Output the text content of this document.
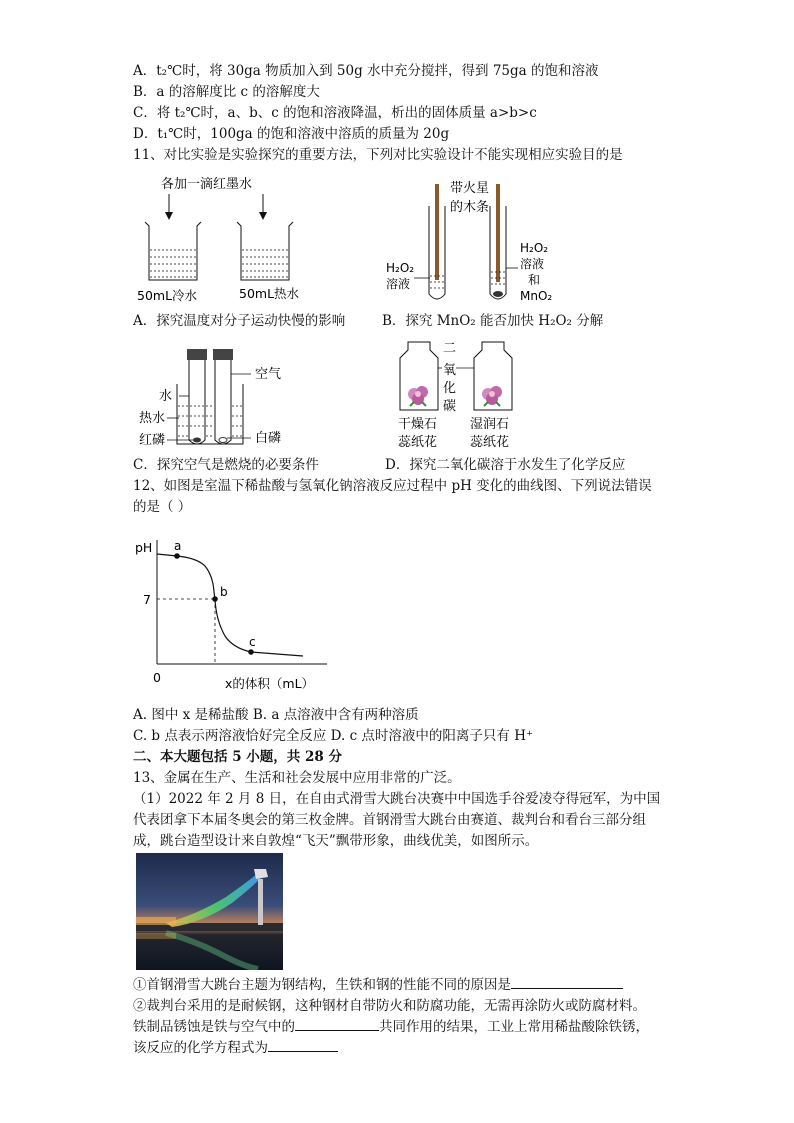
A．t₂℃时，将 30ga 物质加入到 50g 水中充分搅拌，得到 75ga 的饱和溶液
B．a 的溶解度比 c 的溶解度大
C．将 t₂℃时，a、b、c 的饱和溶液降温，析出的固体质量 a>b>c
D．t₁℃时，100ga 的饱和溶液中溶质的质量为 20g
11、对比实验是实验探究的重要方法，下列对比实验设计不能实现相应实验目的是
各加一滴红墨水
50mL冷水	50mL热水
带火星
的木条
H₂O₂
溶液
H₂O₂
溶液
和
MnO₂
A．探究温度对分子运动快慢的影响	B．探究 MnO₂ 能否加快 H₂O₂ 分解
空气
水
热水
红磷	白磷
二
氧
化
碳
干燥石
蕊纸花
湿润石
蕊纸花
C．探究空气是燃烧的必要条件	D．探究二氧化碳溶于水发生了化学反应
12、如图是室温下稀盐酸与氢氧化钠溶液反应过程中 pH 变化的曲线图、下列说法错误
的是（ ）
pH
7
0	x的体积（mL）
a
b
c
A. 图中 x 是稀盐酸 B. a 点溶液中含有两种溶质
C. b 点表示两溶液恰好完全反应 D. c 点时溶液中的阳离子只有 H⁺
二、本大题包括 5 小题，共 28 分
13、金属在生产、生活和社会发展中应用非常的广泛。
（1）2022 年 2 月 8 日，在自由式滑雪大跳台决赛中中国选手谷爱凌夺得冠军，为中国
代表团拿下本届冬奥会的第三枚金牌。首钢滑雪大跳台由赛道、裁判台和看台三部分组
成，跳台造型设计来自敦煌“飞天”飘带形象，曲线优美，如图所示。
①首钢滑雪大跳台主题为钢结构，生铁和钢的性能不同的原因是
②裁判台采用的是耐候钢，这种钢材自带防火和防腐功能，无需再涂防火或防腐材料。
铁制品锈蚀是铁与空气中的	共同作用的结果，工业上常用稀盐酸除铁锈，
该反应的化学方程式为
